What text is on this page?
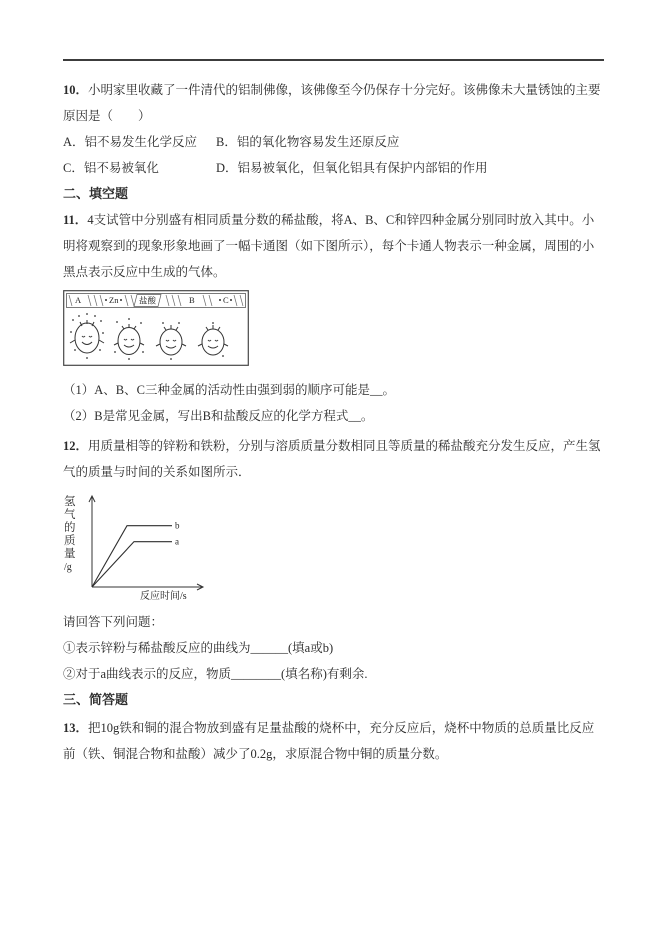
10．小明家里收藏了一件清代的铝制佛像，该佛像至今仍保存十分完好。该佛像未大量锈蚀的主要原因是（　　）

A．铝不易发生化学反应 B．铝的氧化物容易发生还原反应

C．铝不易被氧化	D．铝易被氧化，但氧化铝具有保护内部铝的作用

二、填空题

11．4支试管中分别盛有相同质量分数的稀盐酸，将A、B、C和锌四种金属分别同时放入其中。小明将观察到的现象形象地画了一幅卡通图（如下图所示），每个卡通人物表示一种金属，周围的小黑点表示反应中生成的气体。

A	Zn 盐酸	B	C

（1）A、B、C三种金属的活动性由强到弱的顺序可能是__。

（2）B是常见金属，写出B和盐酸反应的化学方程式__。

12．用质量相等的锌粉和铁粉，分别与溶质质量分数相同且等质量的稀盐酸充分发生反应，产生氢气的质量与时间的关系如图所示．

氢气的质量
/g
反应时间/s
b
a

请回答下列问题：

①表示锌粉与稀盐酸反应的曲线为______(填a或b)

②对于a曲线表示的反应，物质________(填名称)有剩余.

三、简答题

13．把10g铁和铜的混合物放到盛有足量盐酸的烧杯中，充分反应后，烧杯中物质的总质量比反应前（铁、铜混合物和盐酸）减少了0.2g，求原混合物中铜的质量分数。
